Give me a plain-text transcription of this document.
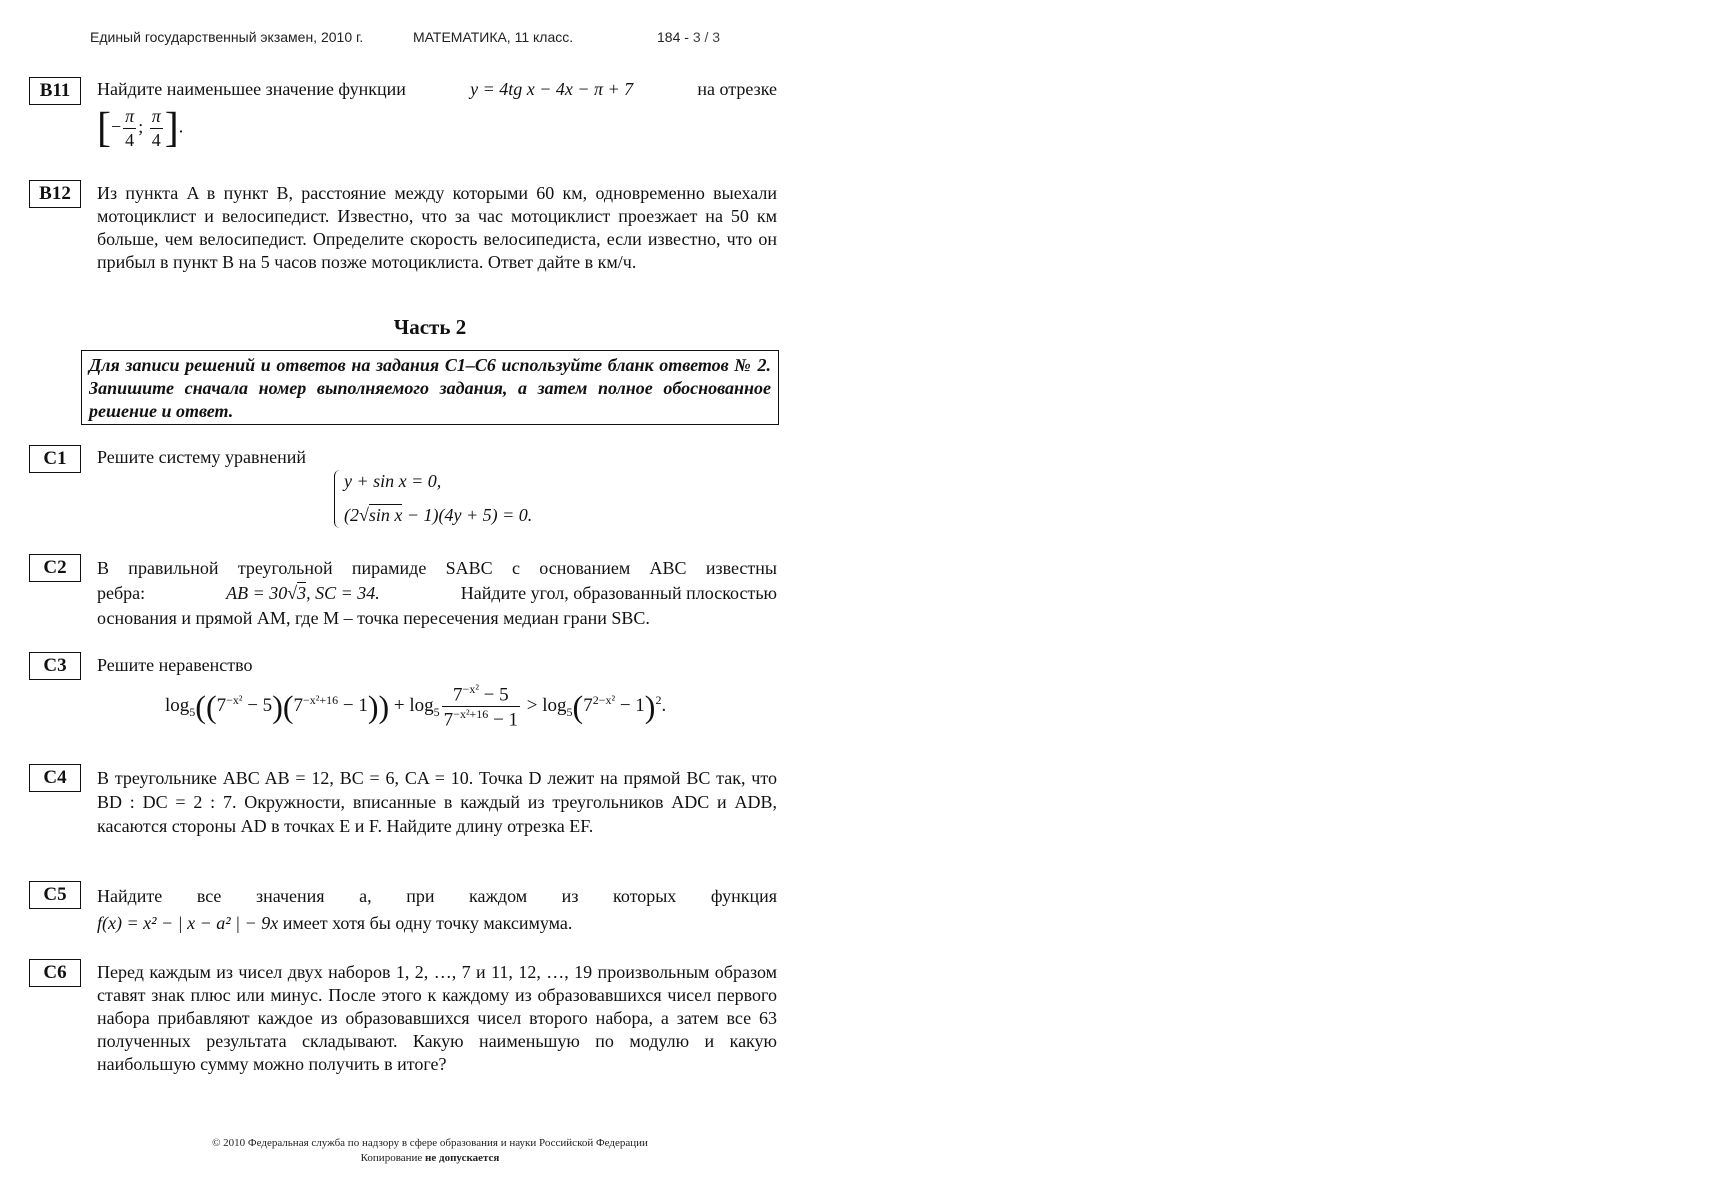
Единый государственный экзамен, 2010 г.	МАТЕМАТИКА, 11 класс.	184 - 3 / 3
B11	Найдите наименьшее значение функции	y = 4tg x − 4x − π + 7	на отрезке
[− $\frac{\pi}{4}$ ; $\frac{\pi}{4}$ ].
B12	Из пункта A в пункт B, расстояние между которыми 60 км, одновременно выехали мотоциклист и велосипедист. Известно, что за час мотоциклист проезжает на 50 км больше, чем велосипедист. Определите скорость велосипедиста, если известно, что он прибыл в пункт B на 5 часов позже мотоциклиста. Ответ дайте в км/ч.
Часть 2
Для записи решений и ответов на задания C1–C6 используйте бланк ответов № 2. Запишите сначала номер выполняемого задания, а затем полное обоснованное решение и ответ.
C1	Решите систему уравнений
y + sin x = 0,
(2√sin x − 1)(4y + 5) = 0.
C2	В правильной треугольной пирамиде SABC с основанием ABC известны
ребра:	AB = 30√3, SC = 34.	Найдите угол, образованный плоскостью
основания и прямой AM, где M – точка пересечения медиан грани SBC.
C3	Решите неравенство
$\log_5((7^{-x^2} - 5)(7^{-x^2+16} - 1)) + \log_5 \frac{7^{-x^2} - 5}{7^{-x^2+16} - 1} > \log_5(7^{2-x^2} - 1)^2$.
C4	В треугольнике ABC AB = 12, BC = 6, CA = 10. Точка D лежит на прямой BC так, что BD : DC = 2 : 7. Окружности, вписанные в каждый из треугольников ADC и ADB, касаются стороны AD в точках E и F. Найдите длину отрезка EF.
C5	Найдите все значения a, при каждом из которых функция
f(x) = x² − | x − a² | − 9x имеет хотя бы одну точку максимума.
C6	Перед каждым из чисел двух наборов 1, 2, …, 7 и 11, 12, …, 19 произвольным образом ставят знак плюс или минус. После этого к каждому из образовавшихся чисел первого набора прибавляют каждое из образовавшихся чисел второго набора, а затем все 63 полученных результата складывают. Какую наименьшую по модулю и какую наибольшую сумму можно получить в итоге?
© 2010 Федеральная служба по надзору в сфере образования и науки Российской Федерации
Копирование не допускается
